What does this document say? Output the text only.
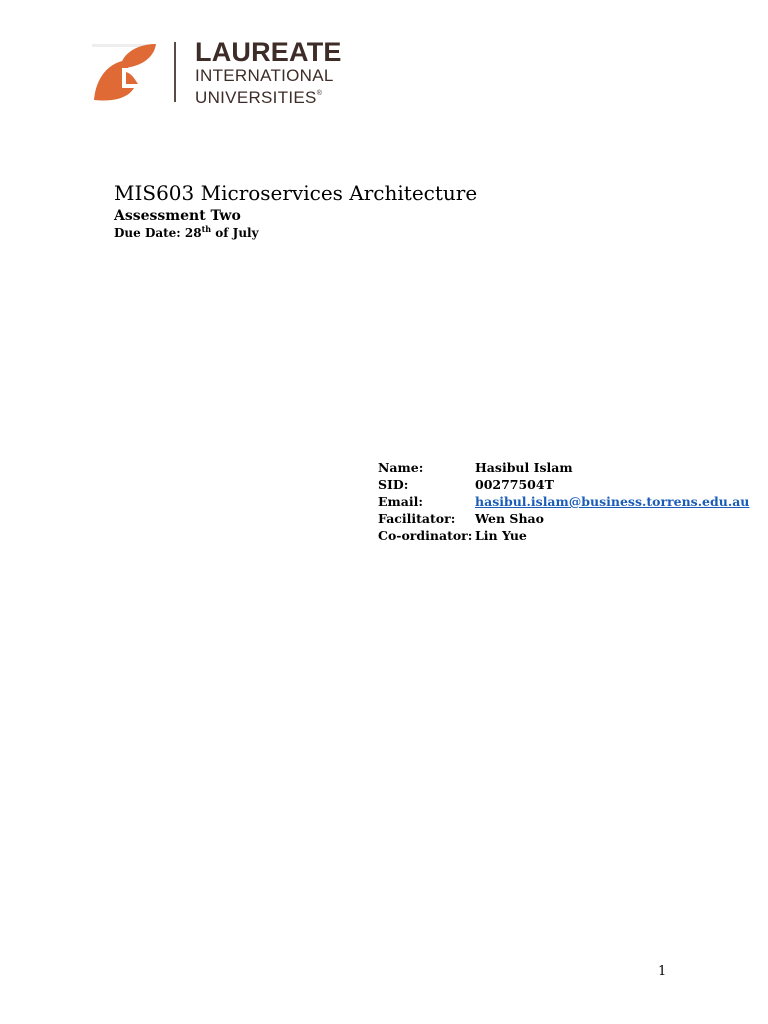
LAUREATE
INTERNATIONAL
UNIVERSITIES®
MIS603 Microservices Architecture
Assessment Two
Due Date: 28th of July
Name:	Hasibul Islam
SID:	00277504T
Email:	hasibul.islam@business.torrens.edu.au
Facilitator:	Wen Shao
Co-ordinator: Lin Yue
1
